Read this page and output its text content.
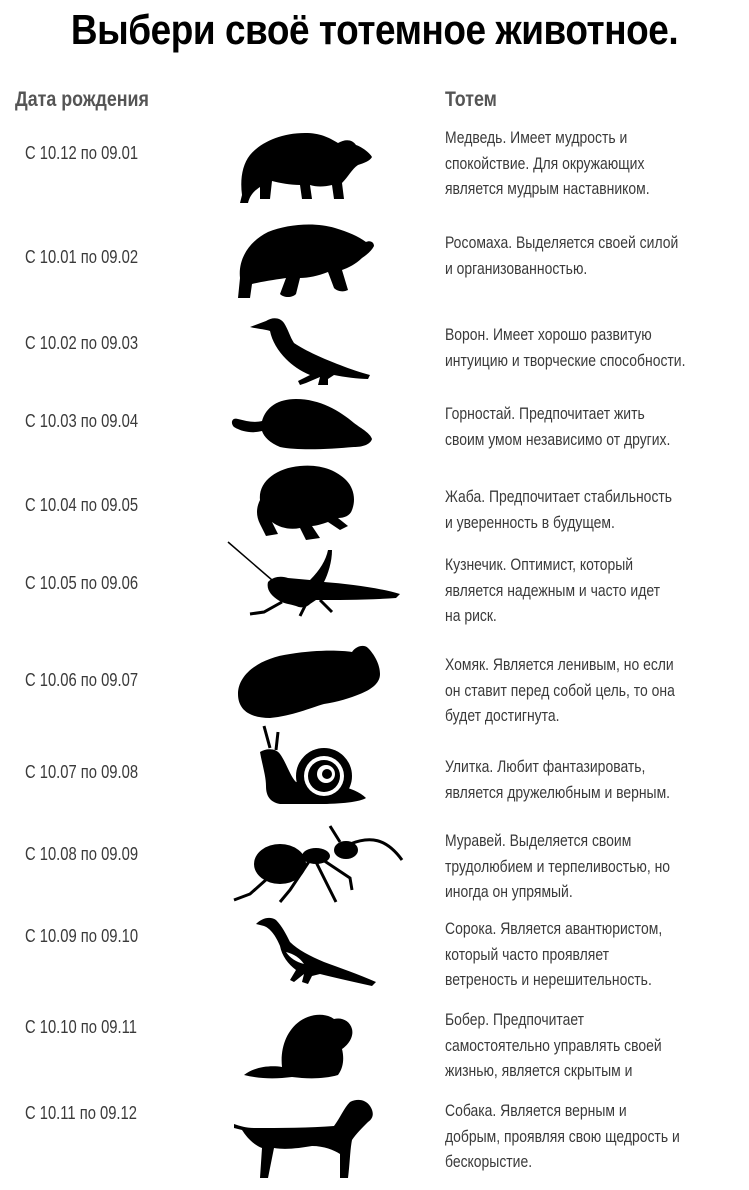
Выбери своё тотемное животное.
Дата рождения	Тотем
С 10.12 по 09.01
Медведь. Имеет мудрость и
спокойствие. Для окружающих
является мудрым наставником.
С 10.01 по 09.02
Росомаха. Выделяется своей силой
и организованностью.
С 10.02 по 09.03	Ворон. Имеет хорошо развитую
интуицию и творческие способности.
С 10.03 по 09.04	Горностай. Предпочитает жить
своим умом независимо от других.
С 10.04 по 09.05	Жаба. Предпочитает стабильность
и уверенность в будущем.
С 10.05 по 09.06
Кузнечик. Оптимист, который
является надежным и часто идет
на риск.
С 10.06 по 09.07
Хомяк. Является ленивым, но если
он ставит перед собой цель, то она
будет достигнута.
С 10.07 по 09.08	Улитка. Любит фантазировать,
является дружелюбным и верным.
С 10.08 по 09.09
Муравей. Выделяется своим
трудолюбием и терпеливостью, но
иногда он упрямый.
С 10.09 по 09.10	Сорока. Является авантюристом,
который часто проявляет
ветреность и нерешительность.
С 10.10 по 09.11	Бобер. Предпочитает
самостоятельно управлять своей
жизнью, является скрытым и
С 10.11 по 09.12	Собака. Является верным и
добрым, проявляя свою щедрость и
бескорыстие.
